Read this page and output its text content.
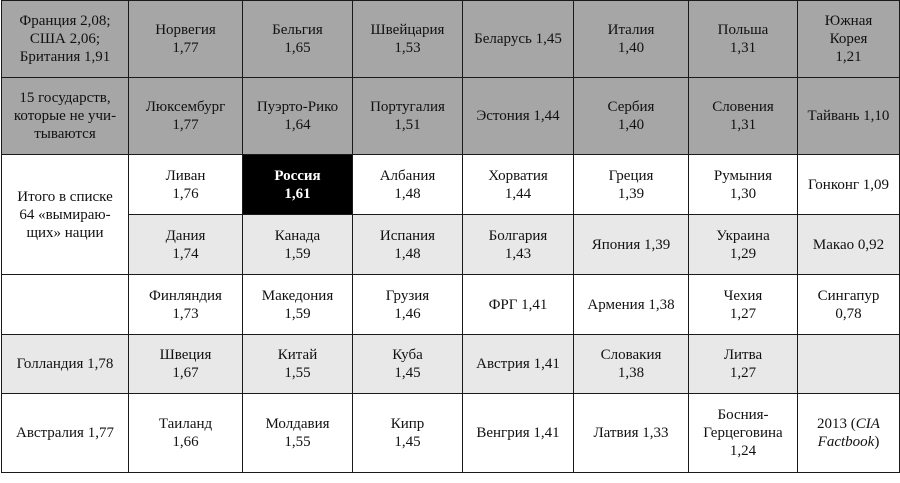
Франция 2,08;
США 2,06;
Британия 1,91	Норвегия
1,77	Бельгия
1,65	Швейцария
1,53	Беларусь 1,45	Италия
1,40	Польша
1,31	Южная
Корея
1,21

15 государств,
которые не учи-
тываются	Люксембург
1,77	Пуэрто-Рико
1,64	Португалия
1,51	Эстония 1,44	Сербия
1,40	Словения
1,31	Тайвань 1,10

Итого в списке
64 «вымираю-
щих» нации	Ливан
1,76	Россия
1,61	Албания
1,48	Хорватия
1,44	Греция
1,39	Румыния
1,30	Гонконг 1,09

	Дания
1,74	Канада
1,59	Испания
1,48	Болгария
1,43	Япония 1,39	Украина
1,29	Макао 0,92

	Финляндия
1,73	Македония
1,59	Грузия
1,46	ФРГ 1,41	Армения 1,38	Чехия
1,27	Сингапур
0,78

Голландия 1,78	Швеция
1,67	Китай
1,55	Куба
1,45	Австрия 1,41	Словакия
1,38	Литва
1,27	

Австралия 1,77	Таиланд
1,66	Молдавия
1,55	Кипр
1,45	Венгрия 1,41	Латвия 1,33	Босния-
Герцеговина
1,24	2013 (CIA
Factbook)
